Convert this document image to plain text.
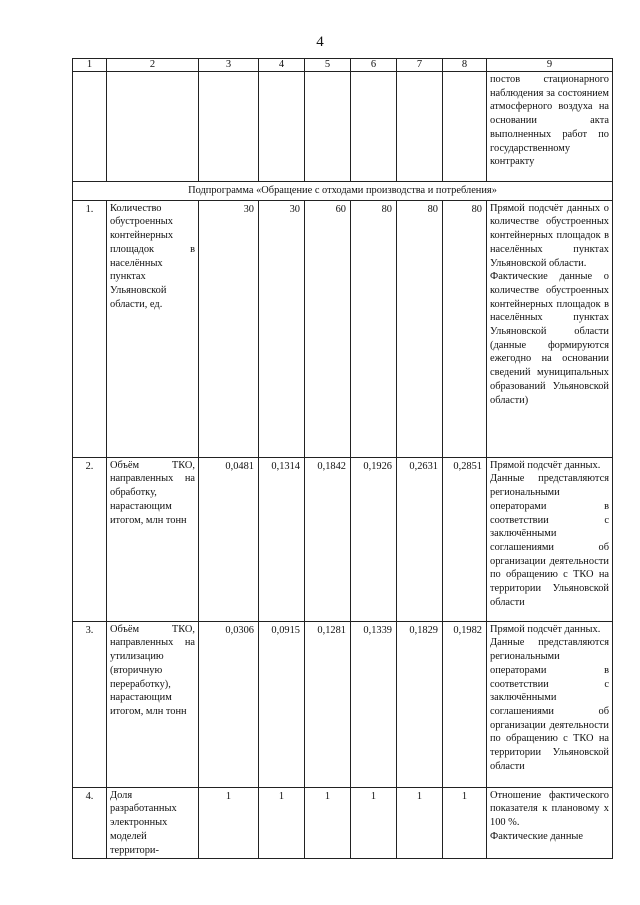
4
1	2	3	4	5	6	7	8	9
								постов стационарного наблюдения за состоянием атмосферного воздуха на основании акта выполненных работ по государственному контракту
Подпрограмма «Обращение с отходами производства и потребления»								
1.	Количество обустроенных контейнерных площадок в населённых пунктах Ульяновской области, ед.	30	30	60	80	80	80	Прямой подсчёт данных о количестве обустроенных контейнерных площадок в населённых пунктах Ульяновской области.
Фактические данные о количестве обустроенных контейнерных площадок в населённых пунктах Ульяновской области (данные формируются ежегодно на основании сведений муниципальных образований Ульяновской области)

2.	Объём ТКО, направленных на обработку, нарастающим итогом, млн тонн	0,0481	0,1314	0,1842	0,1926	0,2631	0,2851	Прямой подсчёт данных.
Данные представляются региональными операторами в соответствии с заключёнными соглашениями об организации деятельности по обращению с ТКО на территории Ульяновской области

3.	Объём ТКО, направленных на утилизацию (вторичную переработку), нарастающим итогом, млн тонн	0,0306	0,0915	0,1281	0,1339	0,1829	0,1982	Прямой подсчёт данных.
Данные представляются региональными операторами в соответствии с заключёнными соглашениями об организации деятельности по обращению с ТКО на территории Ульяновской области

4.	Доля разработанных электронных моделей территори-	1	1	1	1	1	1	Отношение фактического показателя к плановому х 100 %.
Фактические данные
